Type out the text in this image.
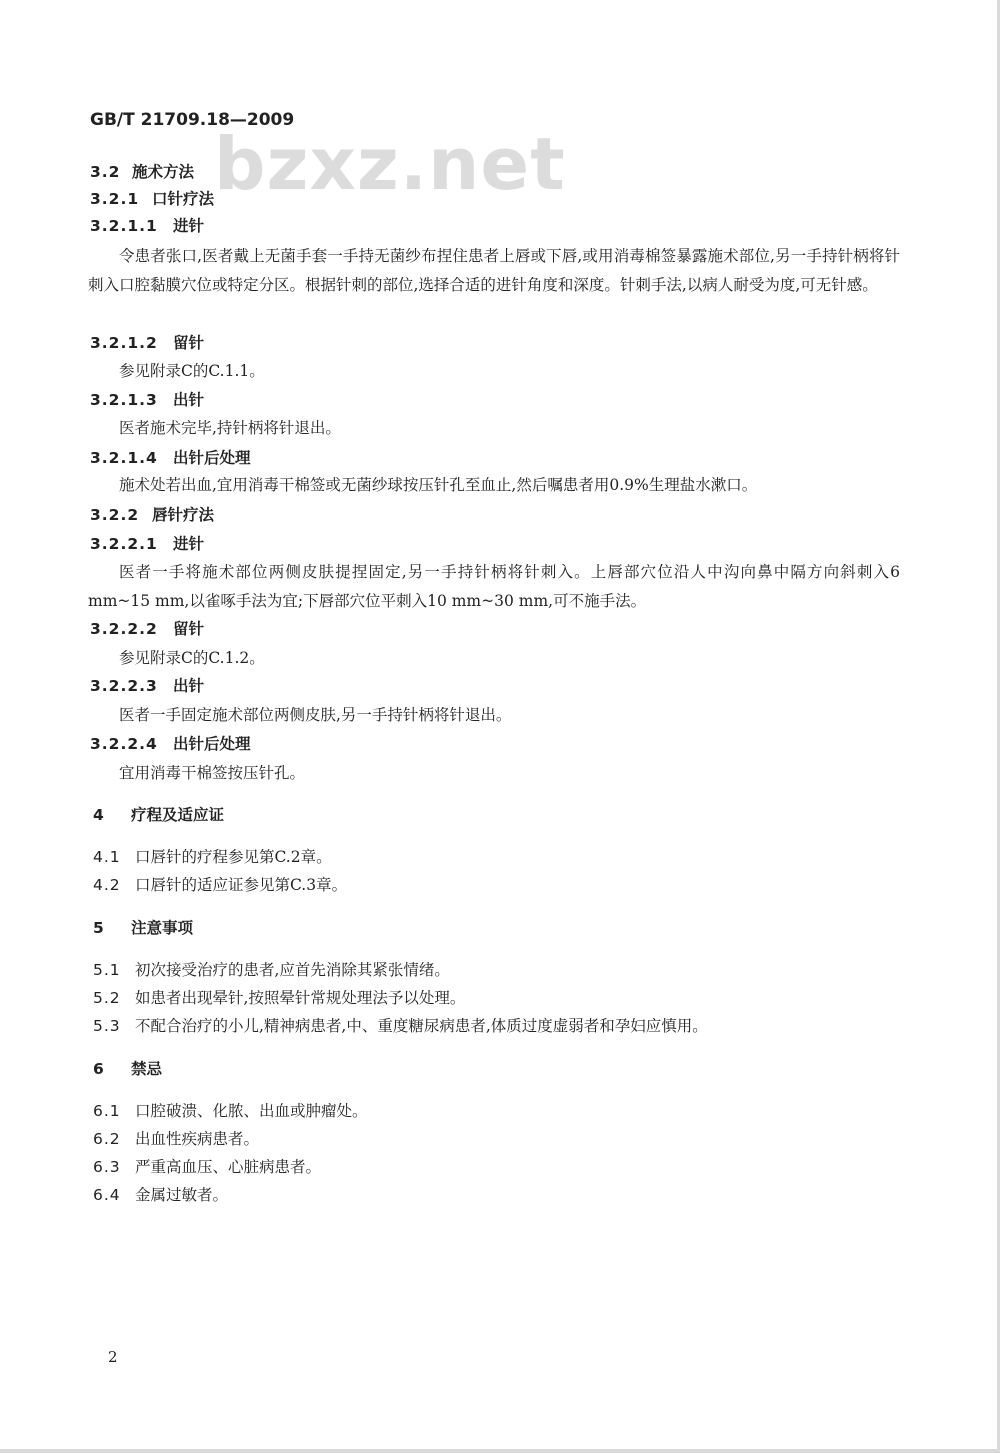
GB/T 21709.18—2009
bzxz.net
3.2 施术方法
3.2.1 口针疗法
3.2.1.1 进针
令患者张口,医者戴上无菌手套一手持无菌纱布捏住患者上唇或下唇,或用消毒棉签暴露施术部位,另一手持针柄将针刺入口腔黏膜穴位或特定分区。根据针刺的部位,选择合适的进针角度和深度。针刺手法,以病人耐受为度,可无针感。
3.2.1.2 留针
参见附录C的C.1.1。
3.2.1.3 出针
医者施术完毕,持针柄将针退出。
3.2.1.4 出针后处理
施术处若出血,宜用消毒干棉签或无菌纱球按压针孔至血止,然后嘱患者用0.9%生理盐水漱口。
3.2.2 唇针疗法
3.2.2.1 进针
医者一手将施术部位两侧皮肤提捏固定,另一手持针柄将针刺入。上唇部穴位沿人中沟向鼻中隔方向斜刺入6 mm~15 mm,以雀啄手法为宜;下唇部穴位平刺入10 mm~30 mm,可不施手法。
3.2.2.2 留针
参见附录C的C.1.2。
3.2.2.3 出针
医者一手固定施术部位两侧皮肤,另一手持针柄将针退出。
3.2.2.4 出针后处理
宜用消毒干棉签按压针孔。
4 疗程及适应证
4.1 口唇针的疗程参见第C.2章。
4.2 口唇针的适应证参见第C.3章。
5 注意事项
5.1 初次接受治疗的患者,应首先消除其紧张情绪。
5.2 如患者出现晕针,按照晕针常规处理法予以处理。
5.3 不配合治疗的小儿,精神病患者,中、重度糖尿病患者,体质过度虚弱者和孕妇应慎用。
6 禁忌
6.1 口腔破溃、化脓、出血或肿瘤处。
6.2 出血性疾病患者。
6.3 严重高血压、心脏病患者。
6.4 金属过敏者。
2
